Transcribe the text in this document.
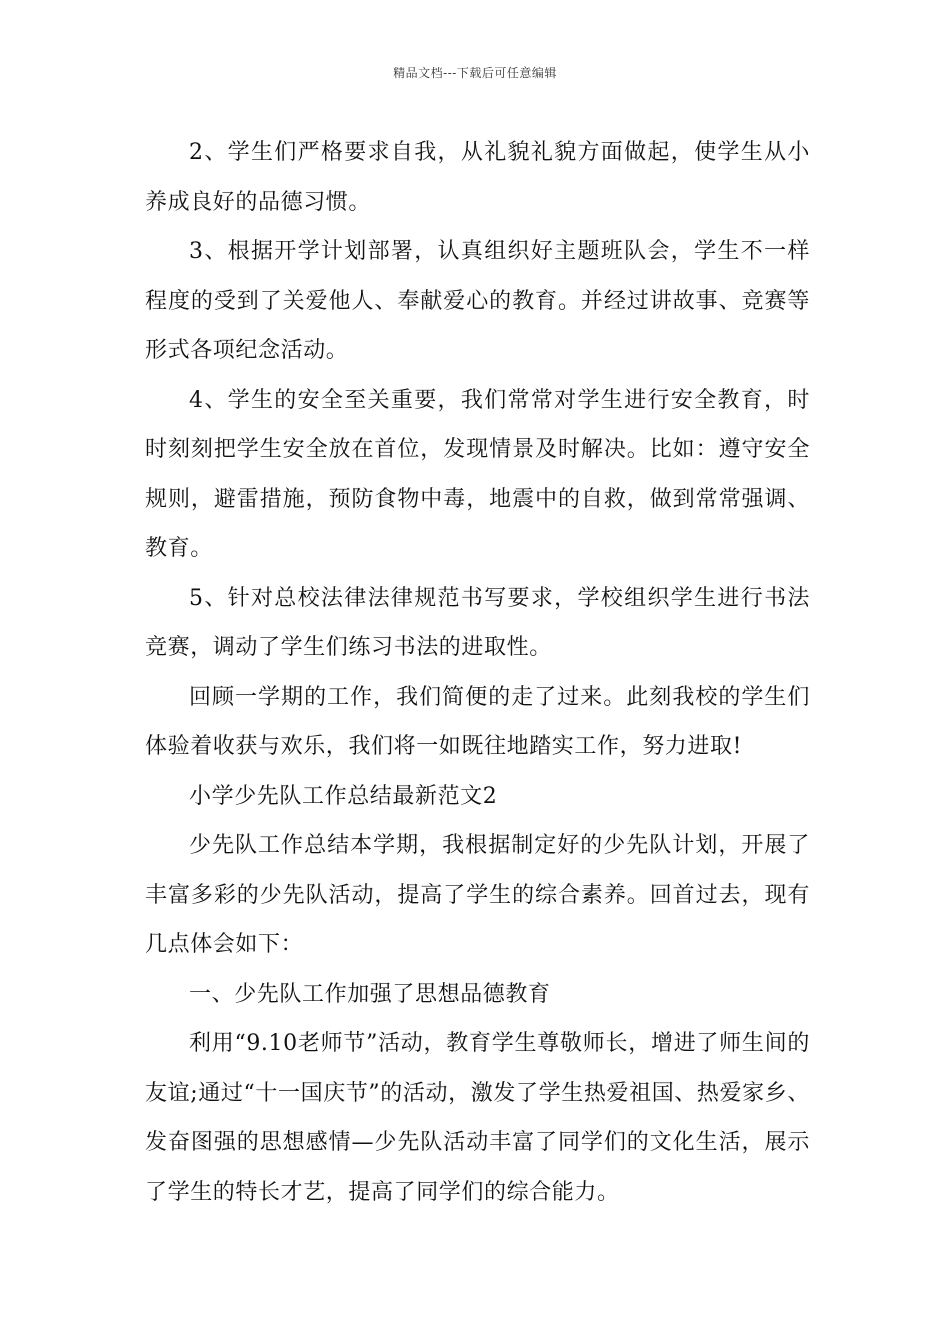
精品文档---下载后可任意编辑

2、学生们严格要求自我，从礼貌礼貌方面做起，使学生从小养成良好的品德习惯。

3、根据开学计划部署，认真组织好主题班队会，学生不一样程度的受到了关爱他人、奉献爱心的教育。并经过讲故事、竞赛等形式各项纪念活动。

4、学生的安全至关重要，我们常常对学生进行安全教育，时时刻刻把学生安全放在首位，发现情景及时解决。比如：遵守安全规则，避雷措施，预防食物中毒，地震中的自救，做到常常强调、教育。

5、针对总校法律法律规范书写要求，学校组织学生进行书法竞赛，调动了学生们练习书法的进取性。

回顾一学期的工作，我们简便的走了过来。此刻我校的学生们体验着收获与欢乐，我们将一如既往地踏实工作，努力进取!

小学少先队工作总结最新范文2

少先队工作总结本学期，我根据制定好的少先队计划，开展了丰富多彩的少先队活动，提高了学生的综合素养。回首过去，现有几点体会如下：

一、少先队工作加强了思想品德教育

利用“9.10老师节”活动，教育学生尊敬师长，增进了师生间的友谊;通过“十一国庆节”的活动，激发了学生热爱祖国、热爱家乡、发奋图强的思想感情—少先队活动丰富了同学们的文化生活，展示了学生的特长才艺，提高了同学们的综合能力。
